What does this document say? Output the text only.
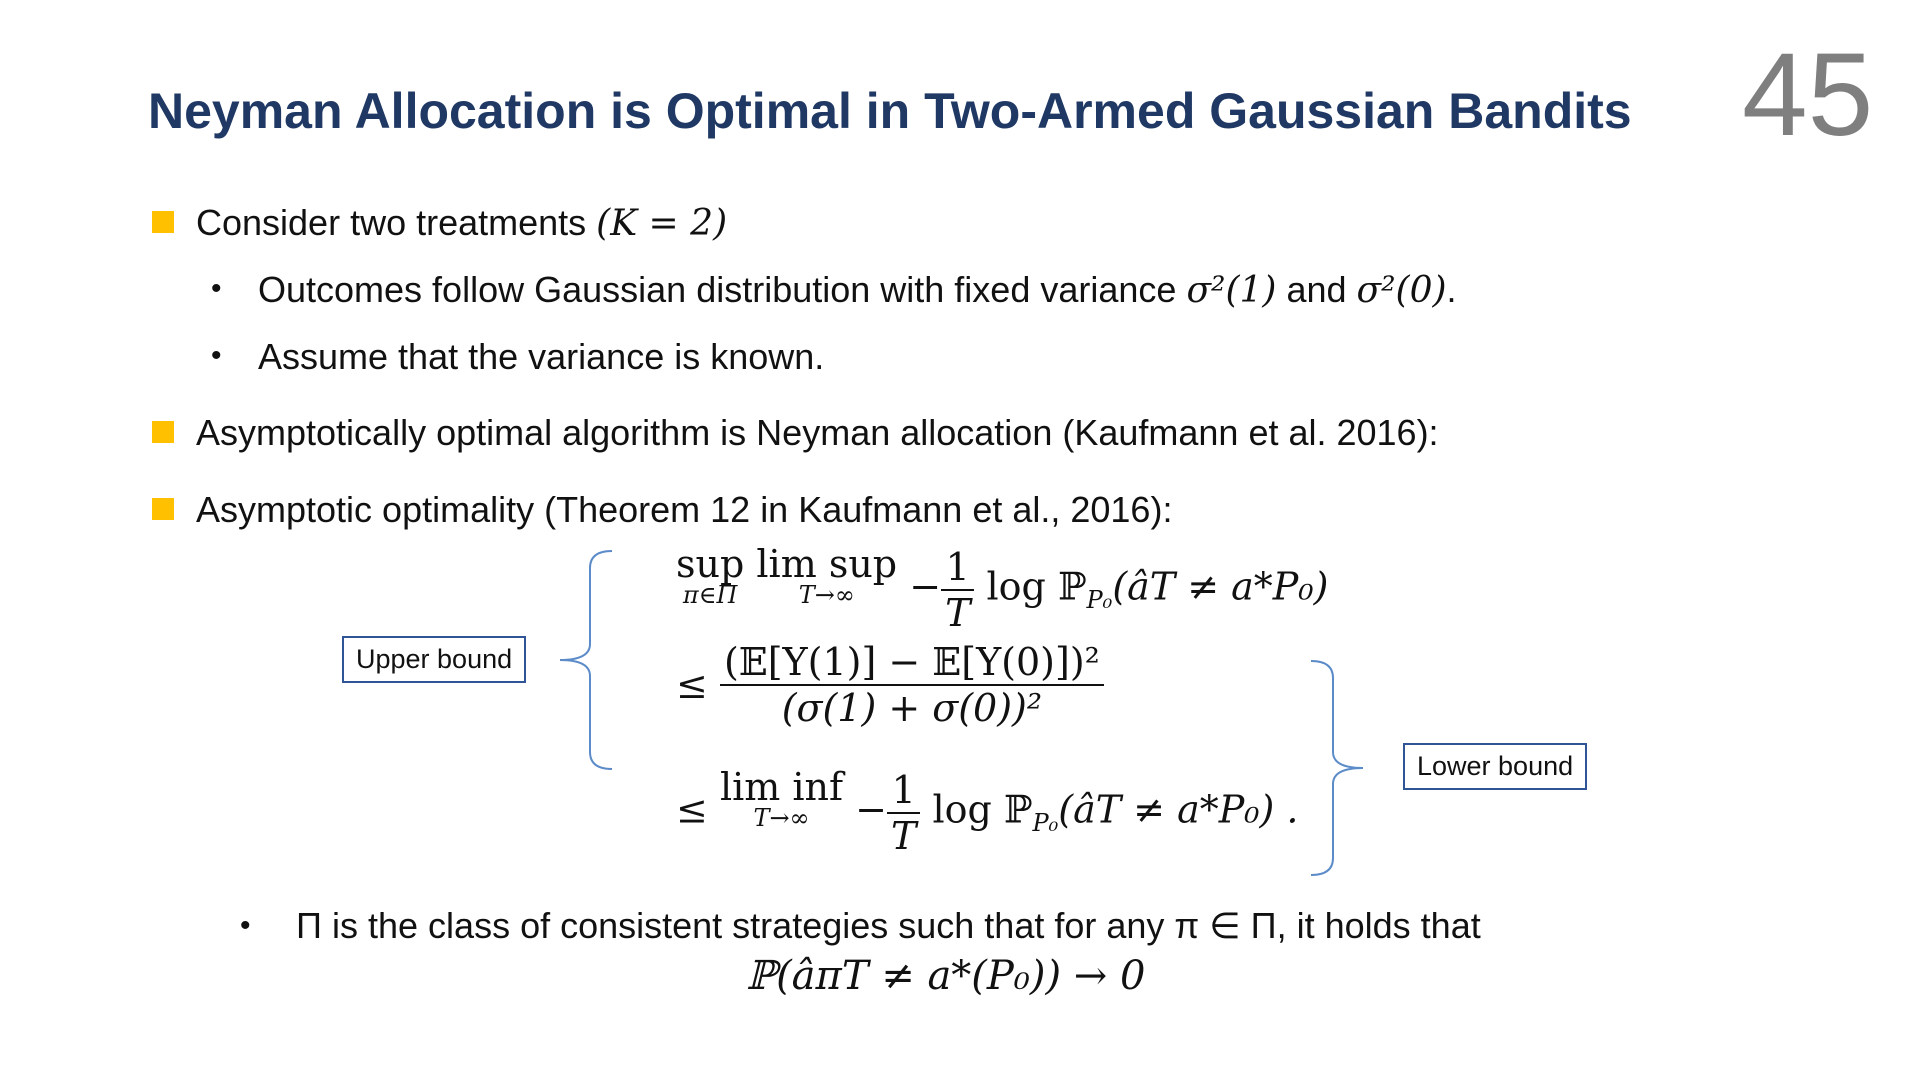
Neyman Allocation is Optimal in Two-Armed Gaussian Bandits 45
Consider two treatments (K = 2)
• Outcomes follow Gaussian distribution with fixed variance σ²(1) and σ²(0).
• Assume that the variance is known.
Asymptotically optimal algorithm is Neyman allocation (Kaufmann et al. 2016):
Asymptotic optimality (Theorem 12 in Kaufmann et al., 2016):
Upper bound
Lower bound
sup
π∈Π

lim sup
T→∞	− $\frac{1}{T}$ log ℙ$_{P_0}$(âT ≠ a*P₀)
≤ $\frac{\text{(𝔼[Y(1)] − 𝔼[Y(0)])²}}{\text{(σ(1) + σ(0))²}}$
≤
lim inf
T→∞	− $\frac{1}{T}$ log ℙ$_{P_0}$(âT ≠ a*P₀) .
• Π is the class of consistent strategies such that for any π ∈ Π, it holds that
ℙ(âπT ≠ a*(P₀)) → 0
